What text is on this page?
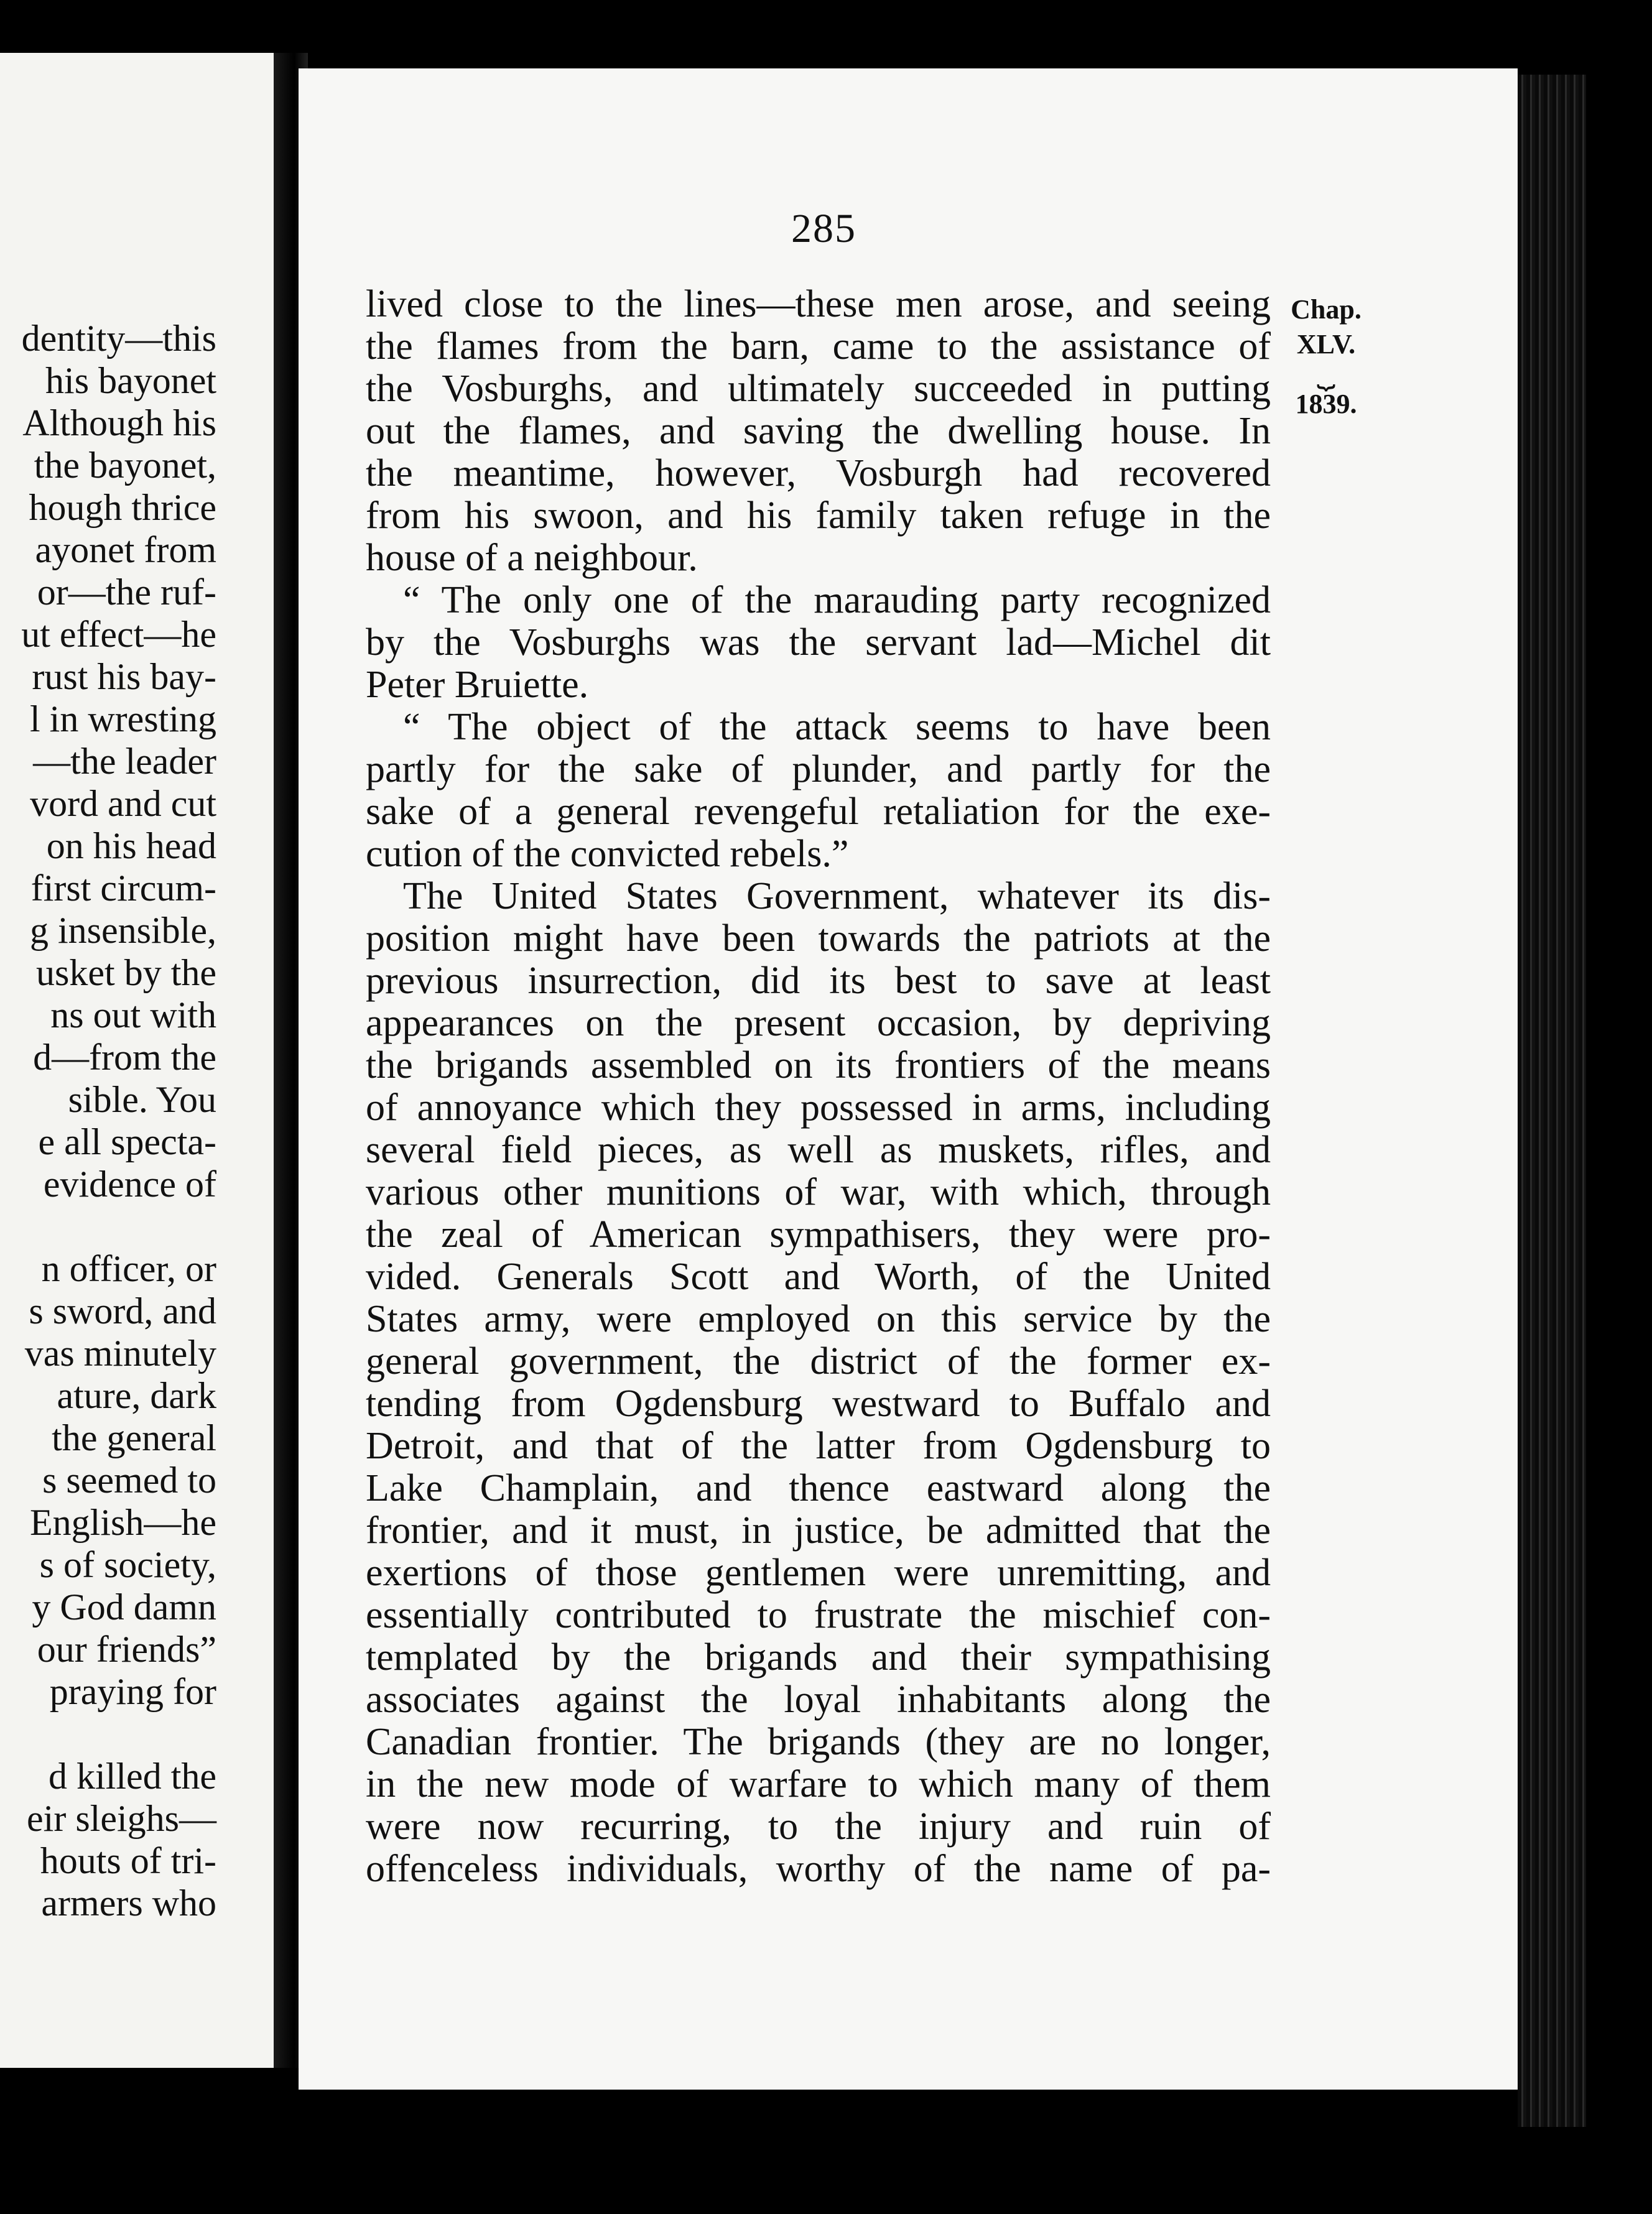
dentity—this
his bayonet
Although his
the bayonet,
hough thrice
ayonet from
or—the ruf-
ut effect—he
rust his bay-
l in wresting
—the leader
vord and cut
on his head
first circum-
g insensible,
usket by the
ns out with
d—from the
sible. You
e all specta-
evidence of
n officer, or
s sword, and
vas minutely
ature, dark
the general
s seemed to
English—he
s of society,
y God damn
our friends”
praying for
d killed the
eir sleighs—
houts of tri-
armers who
285
Chap.
XLV.
⏟
1839.
lived close to the lines—these men arose, and seeing
the flames from the barn, came to the assistance of
the Vosburghs, and ultimately succeeded in putting
out the flames, and saving the dwelling house. In
the meantime, however, Vosburgh had recovered
from his swoon, and his family taken refuge in the
house of a neighbour.
“ The only one of the marauding party recognized
by the Vosburghs was the servant lad—Michel dit
Peter Bruiette.
“ The object of the attack seems to have been
partly for the sake of plunder, and partly for the
sake of a general revengeful retaliation for the exe-
cution of the convicted rebels.”
The United States Government, whatever its dis-
position might have been towards the patriots at the
previous insurrection, did its best to save at least
appearances on the present occasion, by depriving
the brigands assembled on its frontiers of the means
of annoyance which they possessed in arms, including
several field pieces, as well as muskets, rifles, and
various other munitions of war, with which, through
the zeal of American sympathisers, they were pro-
vided. Generals Scott and Worth, of the United
States army, were employed on this service by the
general government, the district of the former ex-
tending from Ogdensburg westward to Buffalo and
Detroit, and that of the latter from Ogdensburg to
Lake Champlain, and thence eastward along the
frontier, and it must, in justice, be admitted that the
exertions of those gentlemen were unremitting, and
essentially contributed to frustrate the mischief con-
templated by the brigands and their sympathising
associates against the loyal inhabitants along the
Canadian frontier. The brigands (they are no longer,
in the new mode of warfare to which many of them
were now recurring, to the injury and ruin of
offenceless individuals, worthy of the name of pa-
